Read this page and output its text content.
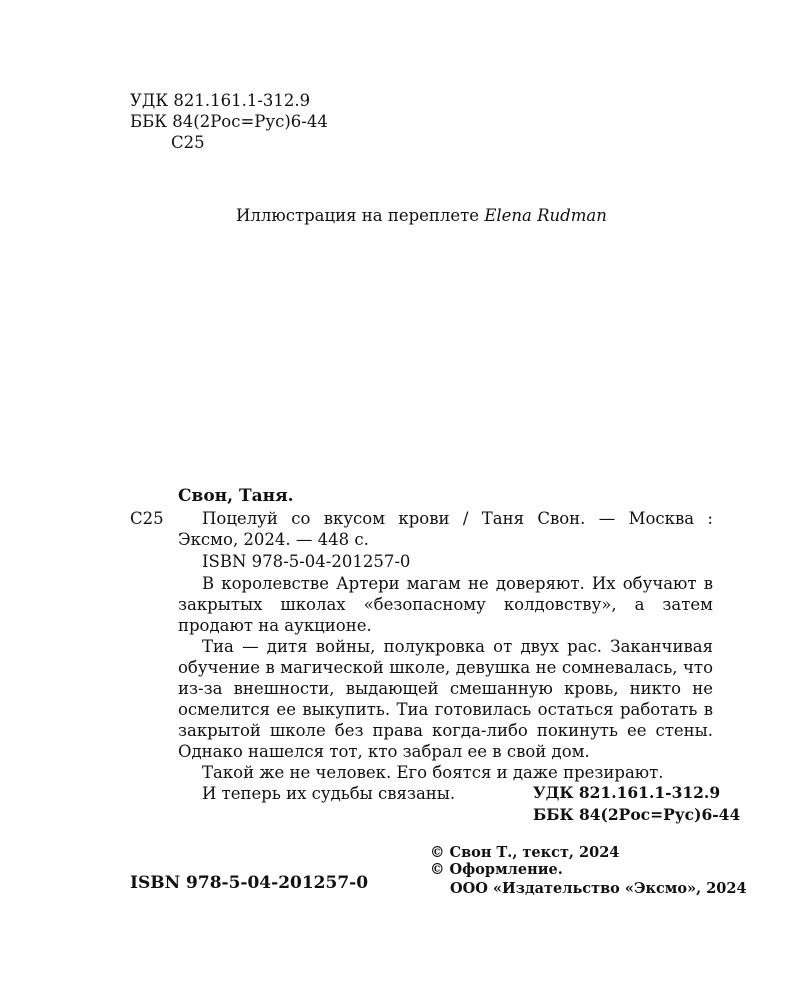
УДК 821.161.1-312.9
ББК 84(2Рос=Рус)6-44
С25
Иллюстрация на переплете Elena Rudman
Свон, Таня.
С25 Поцелуй со вкусом крови / Таня Свон. — Москва :
Эксмо, 2024. — 448 с.
ISBN 978-5-04-201257-0

В королевстве Артери магам не доверяют. Их обучают в закрытых школах «безопасному колдовству», а затем продают на аукционе.

Тиа — дитя войны, полукровка от двух рас. Заканчивая обучение в магической школе, девушка не сомневалась, что из-за внешности, выдающей смешанную кровь, никто не осмелится ее выкупить. Тиа готовилась остаться работать в закрытой школе без права когда-либо покинуть ее стены. Однако нашелся тот, кто забрал ее в свой дом.

Такой же не человек. Его боятся и даже презирают.

И теперь их судьбы связаны.	УДК 821.161.1-312.9
ББК 84(2Рос=Рус)6-44
ISBN 978-5-04-201257-0
© Свон Т., текст, 2024
© Оформление.
ООО «Издательство «Эксмо», 2024
